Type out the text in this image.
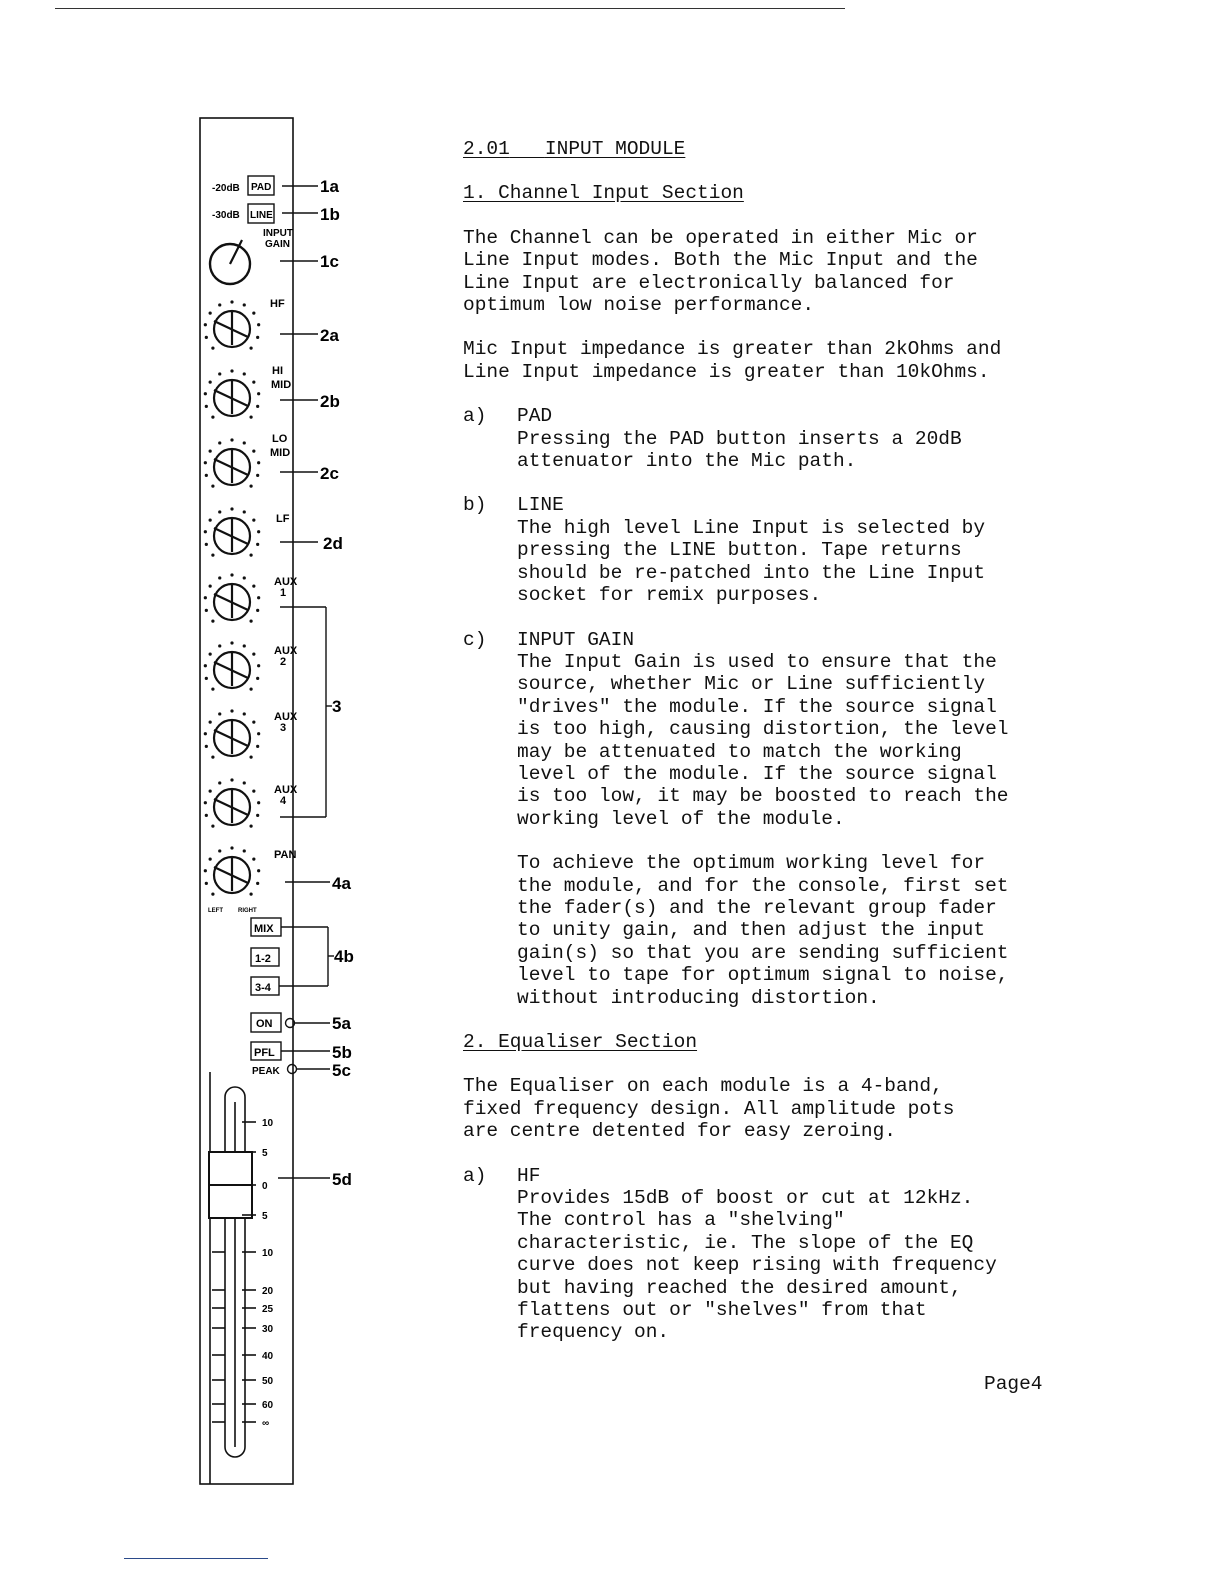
-20dB PAD
-30dB LINE
INPUT
GAIN
HF
HI
MID
LO
MID
LF
AUX
1
AUX
2
AUX
3
AUX
4
PAN
LEFT	RIGHT
MIX
1-2
3-4
ON
PFL
PEAK
10
5
0
5
10
20
25
30
40
50
60
∞
1a
1b
1c
2a
2b
2c
2d
3
4a
4b
5a
5b
5c
5d

2.01 INPUT MODULE

1. Channel Input Section

The Channel can be operated in either Mic or
Line Input modes. Both the Mic Input and the
Line Input are electronically balanced for
optimum low noise performance.

Mic Input impedance is greater than 2kOhms and
Line Input impedance is greater than 10kOhms.

a)	PAD

Pressing the PAD button inserts a 20dB
attenuator into the Mic path.

b)	LINE

The high level Line Input is selected by
pressing the LINE button. Tape returns
should be re-patched into the Line Input
socket for remix purposes.

c)	INPUT GAIN

The Input Gain is used to ensure that the
source, whether Mic or Line sufficiently
"drives" the module. If the source signal
is too high, causing distortion, the level
may be attenuated to match the working
level of the module. If the source signal
is too low, it may be boosted to reach the
working level of the module.

To achieve the optimum working level for
the module, and for the console, first set
the fader(s) and the relevant group fader
to unity gain, and then adjust the input
gain(s) so that you are sending sufficient
level to tape for optimum signal to noise,
without introducing distortion.

2. Equaliser Section

The Equaliser on each module is a 4-band,
fixed frequency design. All amplitude pots
are centre detented for easy zeroing.

a)	HF

Provides 15dB of boost or cut at 12kHz.
The control has a "shelving"
characteristic, ie. The slope of the EQ
curve does not keep rising with frequency
but having reached the desired amount,
flattens out or "shelves" from that
frequency on.

Page4
